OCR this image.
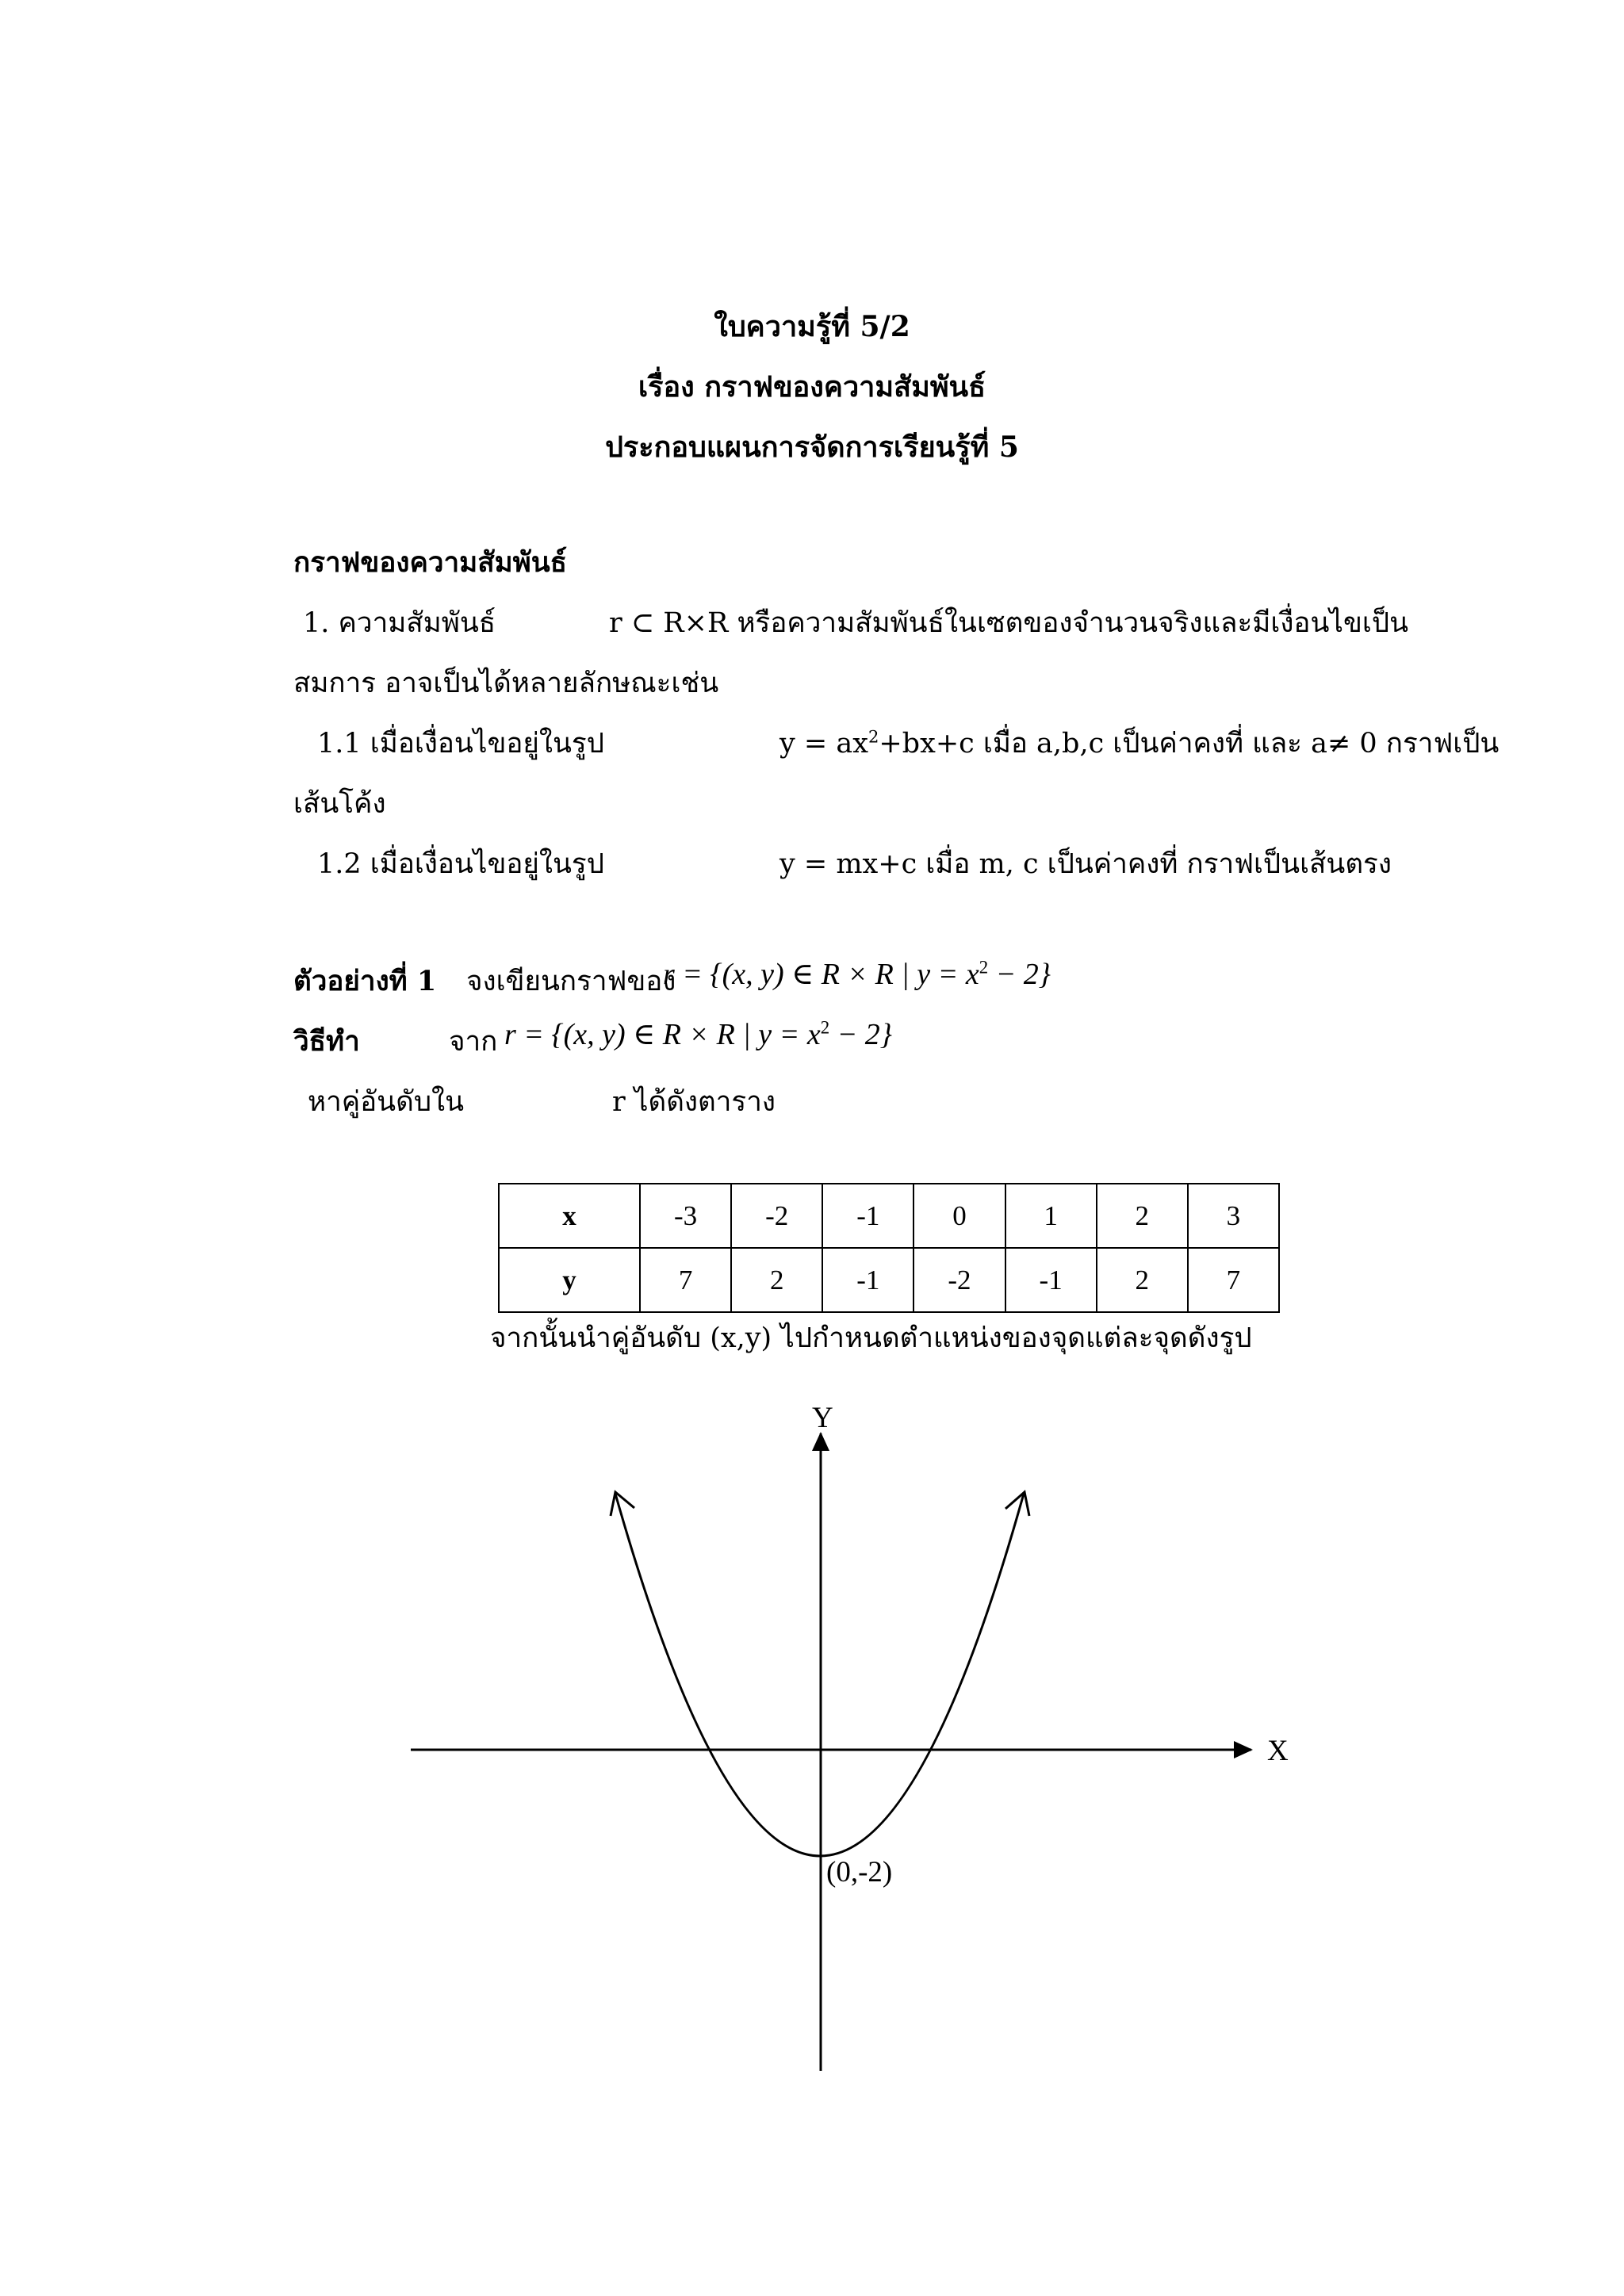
ใบความรู้ที่ 5/2
เรื่อง กราฟของความสัมพันธ์
ประกอบแผนการจัดการเรียนรู้ที่ 5
กราฟของความสัมพันธ์
1. ความสัมพันธ์	r ⊂ R×R หรือความสัมพันธ์ในเซตของจำนวนจริงและมีเงื่อนไขเป็น
สมการ อาจเป็นได้หลายลักษณะเช่น
1.1 เมื่อเงื่อนไขอยู่ในรูป	$y = ax^2+bx+c$ เมื่อ a,b,c เป็นค่าคงที่ และ a≠ 0 กราฟเป็น
เส้นโค้ง
1.2 เมื่อเงื่อนไขอยู่ในรูป	y = mx+c เมื่อ m, c เป็นค่าคงที่ กราฟเป็นเส้นตรง
ตัวอย่างที่ 1 จงเขียนกราฟของ
r = {(x, y) ∈ R × R | $y = x^2 - 2$}
วิธีทำ	จาก r = {(x, y) ∈ R × R | $y = x^2 - 2$}
หาคู่อันดับใน	r ได้ดังตาราง
x	-3	-2	-1	0	1	2	3
y	7	2	-1	-2	-1	2	7
จากนั้นนำคู่อันดับ (x,y) ไปกำหนดตำแหน่งของจุดแต่ละจุดดังรูป
Y
X
(0,-2)
